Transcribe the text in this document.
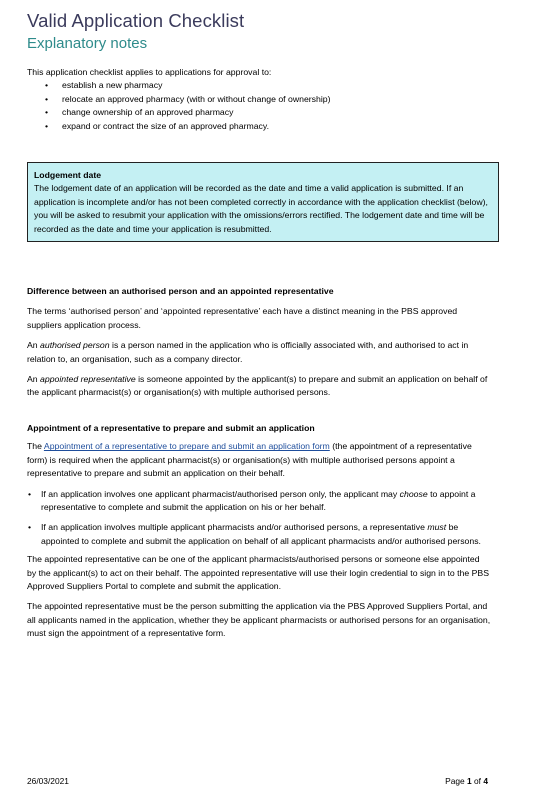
Valid Application Checklist
Explanatory notes
This application checklist applies to applications for approval to:
• establish a new pharmacy
• relocate an approved pharmacy (with or without change of ownership)
• change ownership of an approved pharmacy
• expand or contract the size of an approved pharmacy.
Lodgement date
The lodgement date of an application will be recorded as the date and time a valid application is submitted. If an application is incomplete and/or has not been completed correctly in accordance with the application checklist (below), you will be asked to resubmit your application with the omissions/errors rectified. The lodgement date and time will be recorded as the date and time your application is resubmitted.

Difference between an authorised person and an appointed representative

The terms ‘authorised person’ and ‘appointed representative’ each have a distinct meaning in the PBS approved suppliers application process.

An authorised person is a person named in the application who is officially associated with, and authorised to act in relation to, an organisation, such as a company director.

An appointed representative is someone appointed by the applicant(s) to prepare and submit an application on behalf of the applicant pharmacist(s) or organisation(s) with multiple authorised persons.

Appointment of a representative to prepare and submit an application

The Appointment of a representative to prepare and submit an application form (the appointment of a representative form) is required when the applicant pharmacist(s) or organisation(s) with multiple authorised persons appoint a representative to prepare and submit an application on their behalf.

• If an application involves one applicant pharmacist/authorised person only, the applicant may choose to appoint a representative to complete and submit the application on his or her behalf.
• If an application involves multiple applicant pharmacists and/or authorised persons, a representative must be appointed to complete and submit the application on behalf of all applicant pharmacists and/or authorised persons.

The appointed representative can be one of the applicant pharmacists/authorised persons or someone else appointed by the applicant(s) to act on their behalf. The appointed representative will use their login credential to sign in to the PBS Approved Suppliers Portal to complete and submit the application.

The appointed representative must be the person submitting the application via the PBS Approved Suppliers Portal, and all applicants named in the application, whether they be applicant pharmacists or authorised persons for an organisation, must sign the appointment of a representative form.

26/03/2021	Page 1 of 4
